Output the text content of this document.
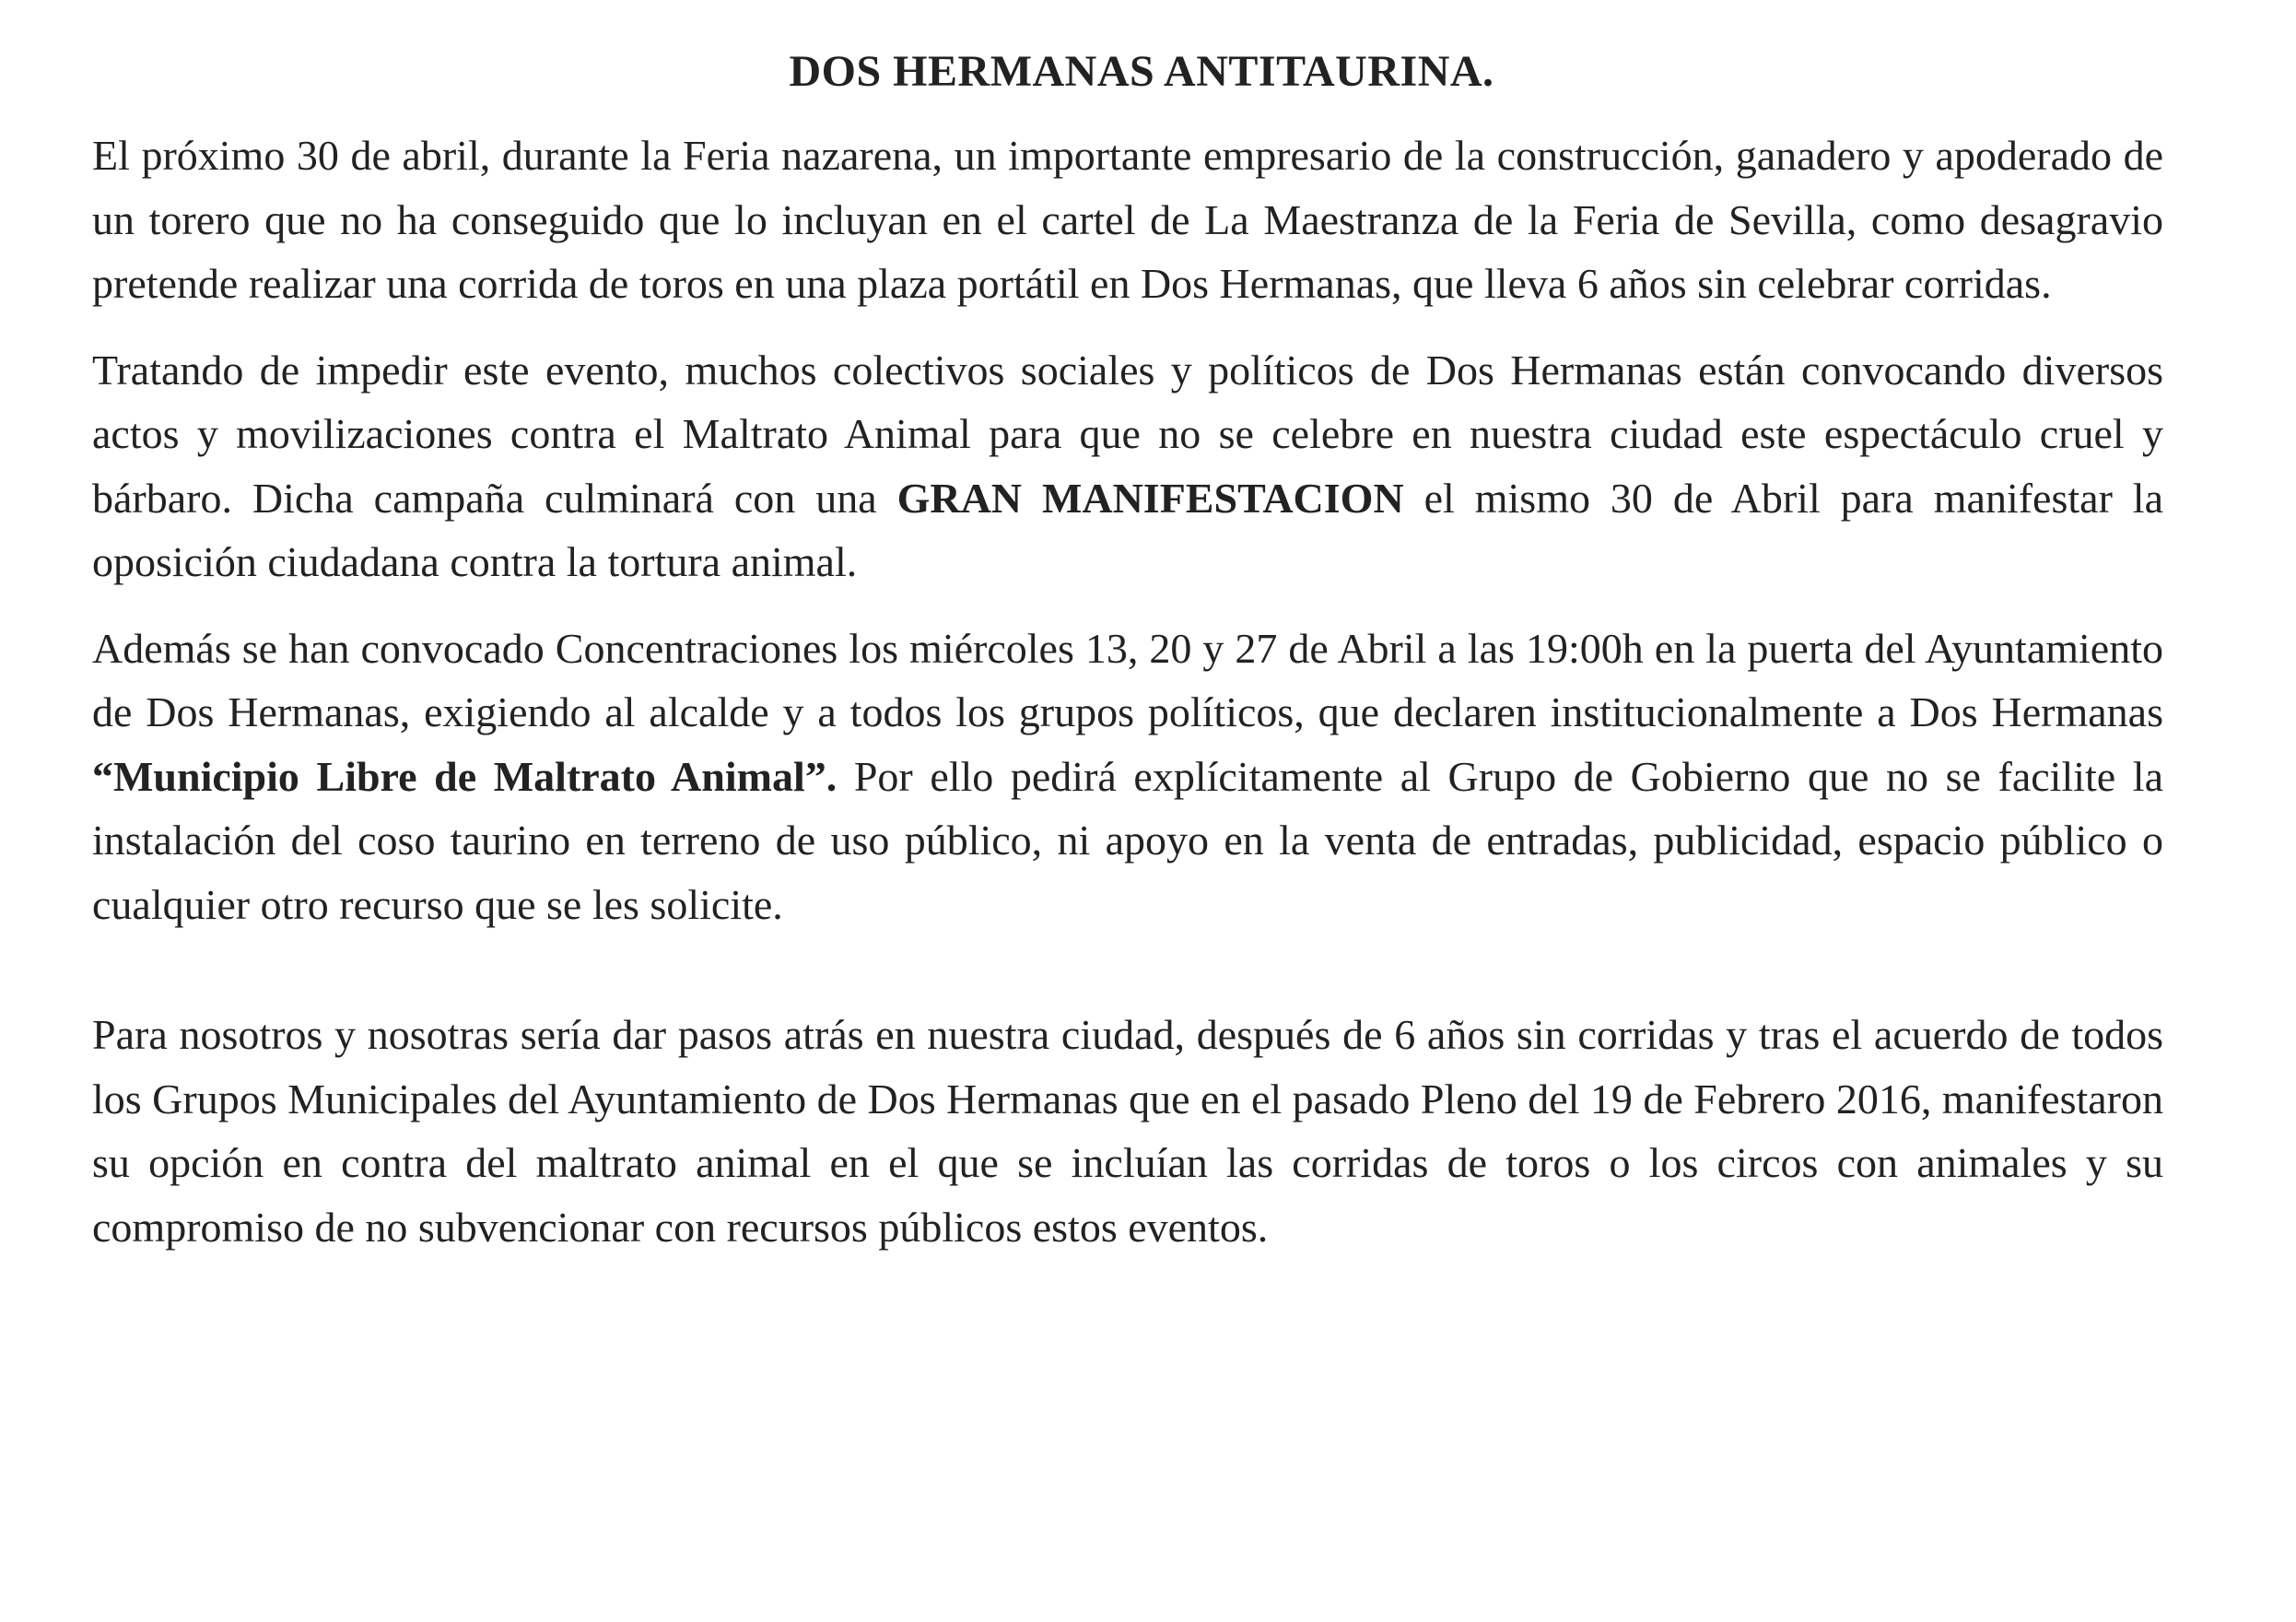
DOS HERMANAS ANTITAURINA.

El próximo 30 de abril, durante la Feria nazarena, un importante empresario de la construcción, ganadero y apoderado de un torero que no ha conseguido que lo incluyan en el cartel de La Maestranza de la Feria de Sevilla, como desagravio pretende realizar una corrida de toros en una plaza portátil en Dos Hermanas, que lleva 6 años sin celebrar corridas.

Tratando de impedir este evento, muchos colectivos sociales y políticos de Dos Hermanas están convocando diversos actos y movilizaciones contra el Maltrato Animal para que no se celebre en nuestra ciudad este espectáculo cruel y bárbaro. Dicha campaña culminará con una GRAN MANIFESTACION el mismo 30 de Abril para manifestar la oposición ciudadana contra la tortura animal.

Además se han convocado Concentraciones los miércoles 13, 20 y 27 de Abril a las 19:00h en la puerta del Ayuntamiento de Dos Hermanas, exigiendo al alcalde y a todos los grupos políticos, que declaren institucionalmente a Dos Hermanas “Municipio Libre de Maltrato Animal”. Por ello pedirá explícitamente al Grupo de Gobierno que no se facilite la instalación del coso taurino en terreno de uso público, ni apoyo en la venta de entradas, publicidad, espacio público o cualquier otro recurso que se les solicite.

Para nosotros y nosotras sería dar pasos atrás en nuestra ciudad, después de 6 años sin corridas y tras el acuerdo de todos los Grupos Municipales del Ayuntamiento de Dos Hermanas que en el pasado Pleno del 19 de Febrero 2016, manifestaron su opción en contra del maltrato animal en el que se incluían las corridas de toros o los circos con animales y su compromiso de no subvencionar con recursos públicos estos eventos.
